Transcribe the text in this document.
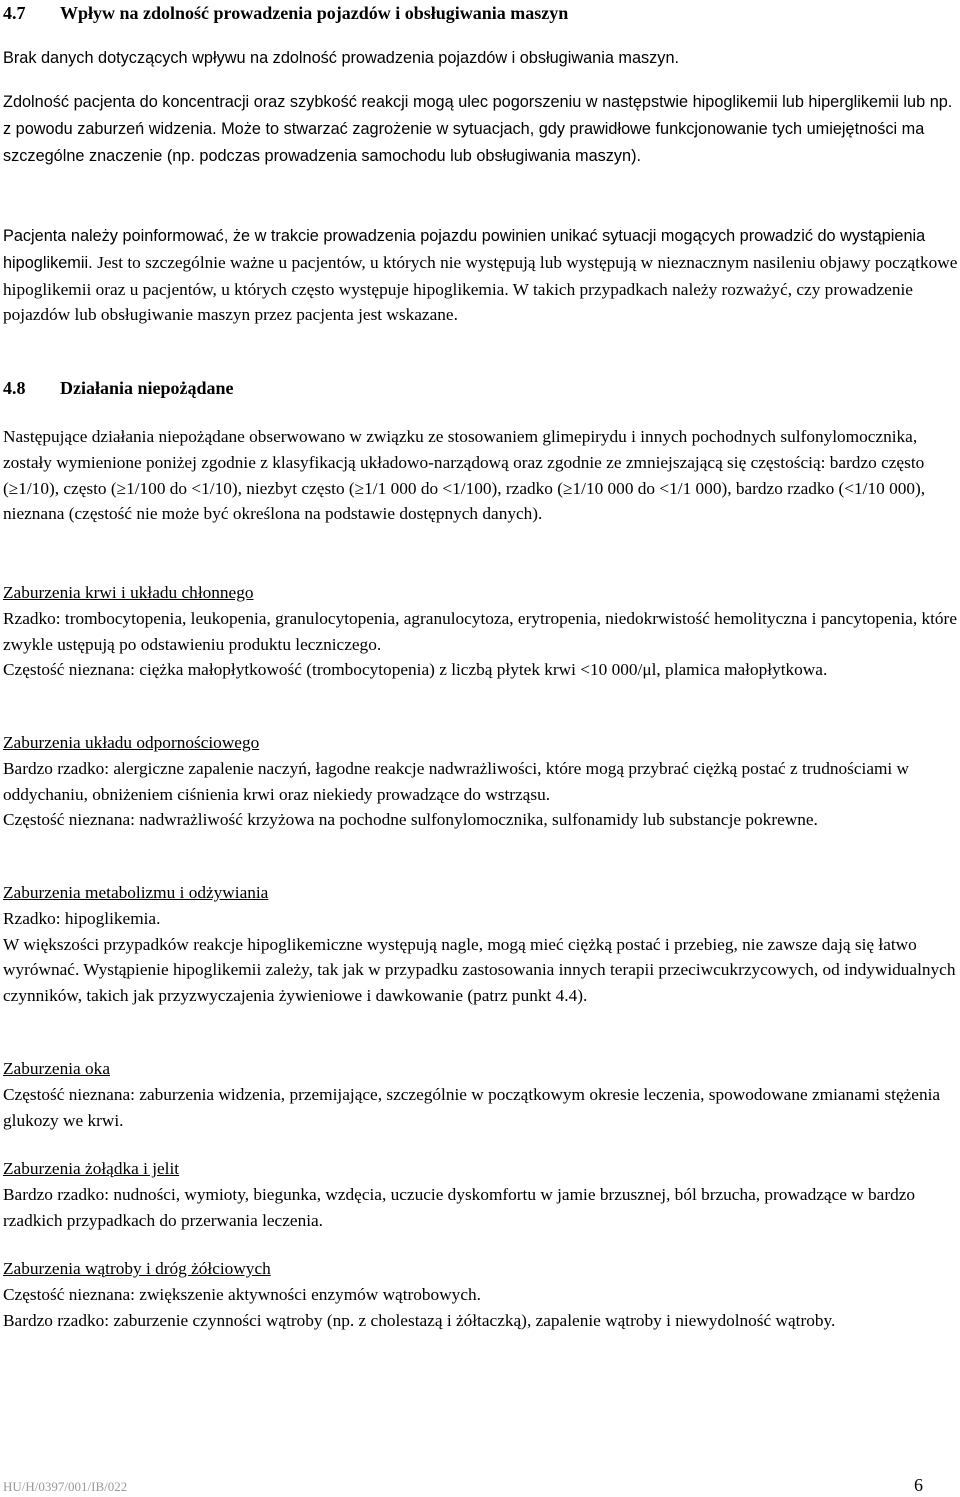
4.7 Wpływ na zdolność prowadzenia pojazdów i obsługiwania maszyn

Brak danych dotyczących wpływu na zdolność prowadzenia pojazdów i obsługiwania maszyn.

Zdolność pacjenta do koncentracji oraz szybkość reakcji mogą ulec pogorszeniu w następstwie hipoglikemii lub hiperglikemii lub np. z powodu zaburzeń widzenia. Może to stwarzać zagrożenie w sytuacjach, gdy prawidłowe funkcjonowanie tych umiejętności ma szczególne znaczenie (np. podczas prowadzenia samochodu lub obsługiwania maszyn).

Pacjenta należy poinformować, że w trakcie prowadzenia pojazdu powinien unikać sytuacji mogących prowadzić do wystąpienia hipoglikemii. Jest to szczególnie ważne u pacjentów, u których nie występują lub występują w nieznacznym nasileniu objawy początkowe hipoglikemii oraz u pacjentów, u których często występuje hipoglikemia. W takich przypadkach należy rozważyć, czy prowadzenie pojazdów lub obsługiwanie maszyn przez pacjenta jest wskazane.

4.8 Działania niepożądane

Następujące działania niepożądane obserwowano w związku ze stosowaniem glimepirydu i innych pochodnych sulfonylomocznika, zostały wymienione poniżej zgodnie z klasyfikacją układowo-narządową oraz zgodnie ze zmniejszającą się częstością: bardzo często (≥1/10), często (≥1/100 do <1/10), niezbyt często (≥1/1 000 do <1/100), rzadko (≥1/10 000 do <1/1 000), bardzo rzadko (<1/10 000), nieznana (częstość nie może być określona na podstawie dostępnych danych).

Zaburzenia krwi i układu chłonnego
Rzadko: trombocytopenia, leukopenia, granulocytopenia, agranulocytoza, erytropenia, niedokrwistość hemolityczna i pancytopenia, które zwykle ustępują po odstawieniu produktu leczniczego.
Częstość nieznana: ciężka małopłytkowość (trombocytopenia) z liczbą płytek krwi <10 000/μl, plamica małopłytkowa.
Zaburzenia układu odpornościowego
Bardzo rzadko: alergiczne zapalenie naczyń, łagodne reakcje nadwrażliwości, które mogą przybrać ciężką postać z trudnościami w oddychaniu, obniżeniem ciśnienia krwi oraz niekiedy prowadzące do wstrząsu.
Częstość nieznana: nadwrażliwość krzyżowa na pochodne sulfonylomocznika, sulfonamidy lub substancje pokrewne.
Zaburzenia metabolizmu i odżywiania
Rzadko: hipoglikemia.
W większości przypadków reakcje hipoglikemiczne występują nagle, mogą mieć ciężką postać i przebieg, nie zawsze dają się łatwo wyrównać. Wystąpienie hipoglikemii zależy, tak jak w przypadku zastosowania innych terapii przeciwcukrzycowych, od indywidualnych czynników, takich jak przyzwyczajenia żywieniowe i dawkowanie (patrz punkt 4.4).
Zaburzenia oka
Częstość nieznana: zaburzenia widzenia, przemijające, szczególnie w początkowym okresie leczenia, spowodowane zmianami stężenia glukozy we krwi.
Zaburzenia żołądka i jelit
Bardzo rzadko: nudności, wymioty, biegunka, wzdęcia, uczucie dyskomfortu w jamie brzusznej, ból brzucha, prowadzące w bardzo rzadkich przypadkach do przerwania leczenia.
Zaburzenia wątroby i dróg żółciowych
Częstość nieznana: zwiększenie aktywności enzymów wątrobowych.
Bardzo rzadko: zaburzenie czynności wątroby (np. z cholestazą i żółtaczką), zapalenie wątroby i niewydolność wątroby.
HU/H/0397/001/IB/022	6
